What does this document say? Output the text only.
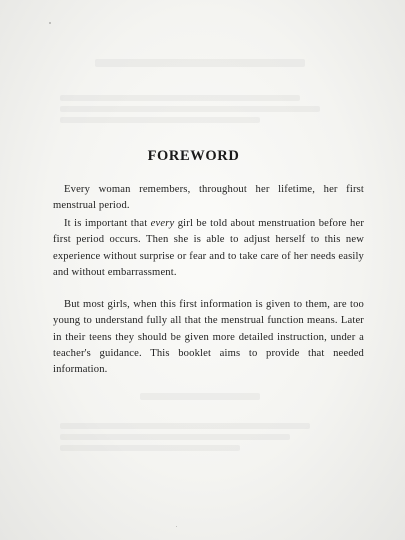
FOREWORD

Every woman remembers, throughout her lifetime, her first menstrual period.

It is important that every girl be told about menstruation before her first period occurs. Then she is able to adjust herself to this new experience without surprise or fear and to take care of her needs easily and without embarrassment.

But most girls, when this first information is given to them, are too young to understand fully all that the menstrual function means. Later in their teens they should be given more detailed instruction, under a teacher's guidance. This booklet aims to provide that needed information.
